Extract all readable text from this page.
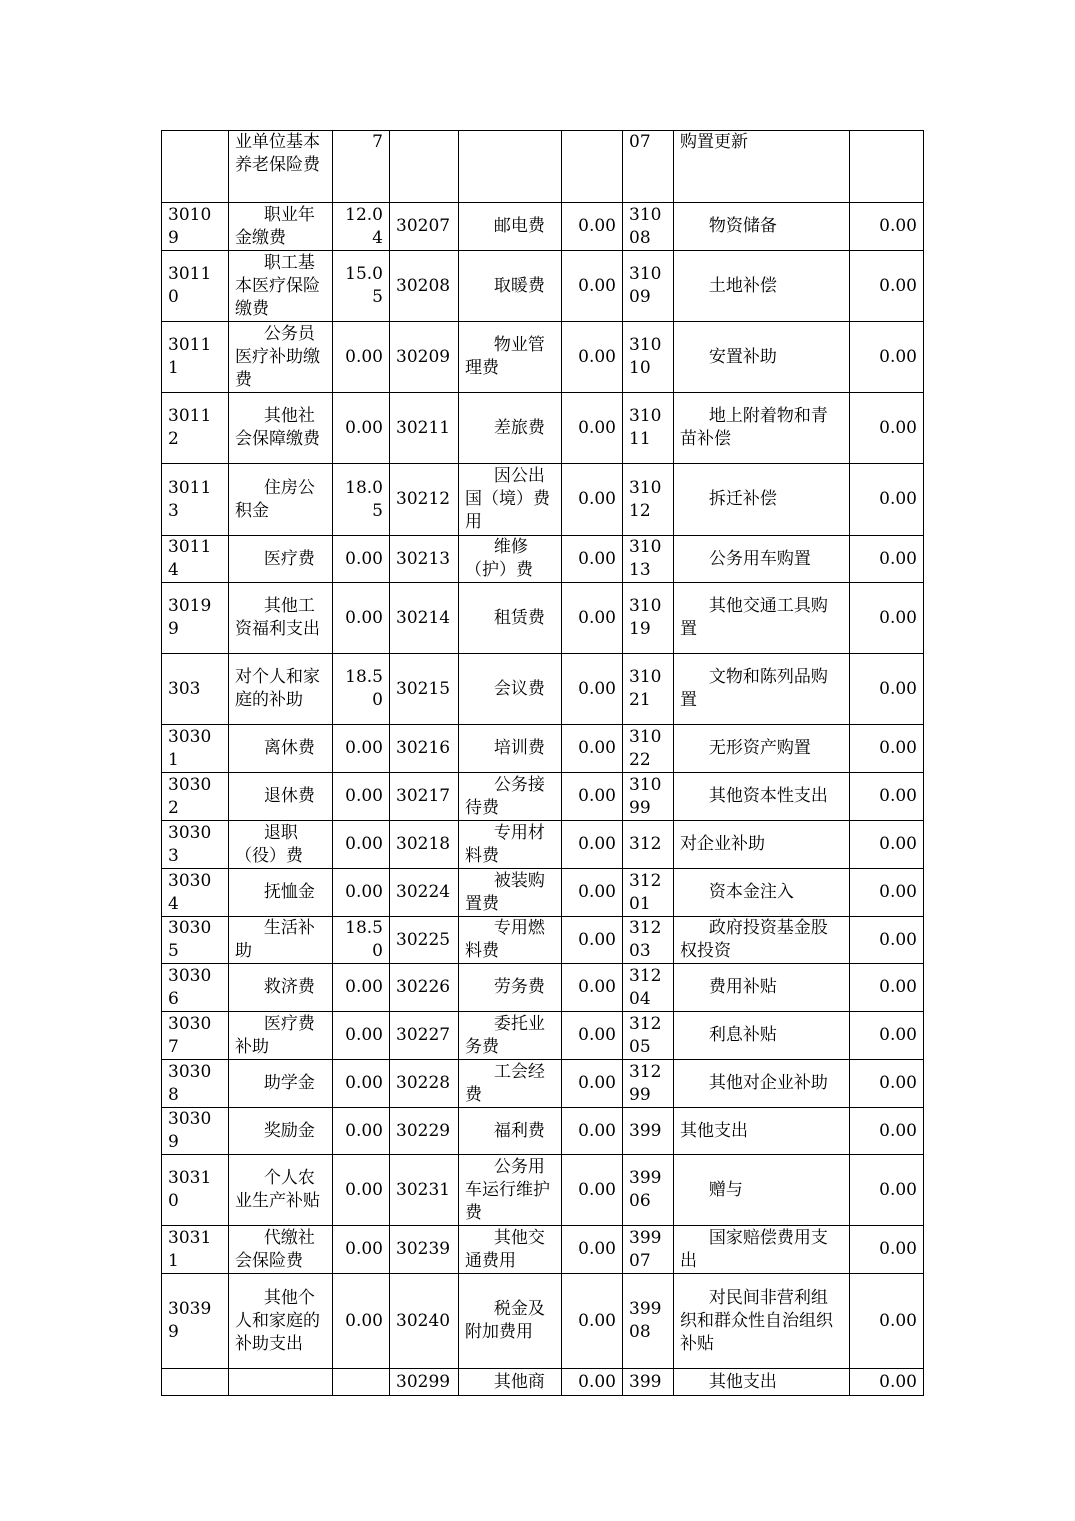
	业单位基本养老保险费	7				07	购置更新	
30109	职业年金缴费	12.04	30207	邮电费	0.00	31008	物资储备	0.00
30110	职工基本医疗保险缴费	15.05	30208	取暖费	0.00	31009	土地补偿	0.00
30111	公务员医疗补助缴费	0.00	30209	物业管理费	0.00	31010	安置补助	0.00
30112	其他社会保障缴费	0.00	30211	差旅费	0.00	31011	地上附着物和青苗补偿	0.00
30113	住房公积金	18.05	30212	因公出国（境）费用	0.00	31012	拆迁补偿	0.00
30114	医疗费	0.00	30213	维修（护）费	0.00	31013	公务用车购置	0.00
30199	其他工资福利支出	0.00	30214	租赁费	0.00	31019	其他交通工具购置	0.00
303	对个人和家庭的补助	18.50	30215	会议费	0.00	31021	文物和陈列品购置	0.00
30301	离休费	0.00	30216	培训费	0.00	31022	无形资产购置	0.00
30302	退休费	0.00	30217	公务接待费	0.00	31099	其他资本性支出	0.00
30303	退职（役）费	0.00	30218	专用材料费	0.00	312	对企业补助	0.00
30304	抚恤金	0.00	30224	被装购置费	0.00	31201	资本金注入	0.00
30305	生活补助	18.50	30225	专用燃料费	0.00	31203	政府投资基金股权投资	0.00
30306	救济费	0.00	30226	劳务费	0.00	31204	费用补贴	0.00
30307	医疗费补助	0.00	30227	委托业务费	0.00	31205	利息补贴	0.00
30308	助学金	0.00	30228	工会经费	0.00	31299	其他对企业补助	0.00
30309	奖励金	0.00	30229	福利费	0.00	399	其他支出	0.00
30310	个人农业生产补贴	0.00	30231	公务用车运行维护费	0.00	39906	赠与	0.00
30311	代缴社会保险费	0.00	30239	其他交通费用	0.00	39907	国家赔偿费用支出	0.00
30399	其他个人和家庭的补助支出	0.00	30240	税金及附加费用	0.00	39908	对民间非营利组织和群众性自治组织补贴	0.00
			30299	其他商	0.00	399	其他支出	0.00
